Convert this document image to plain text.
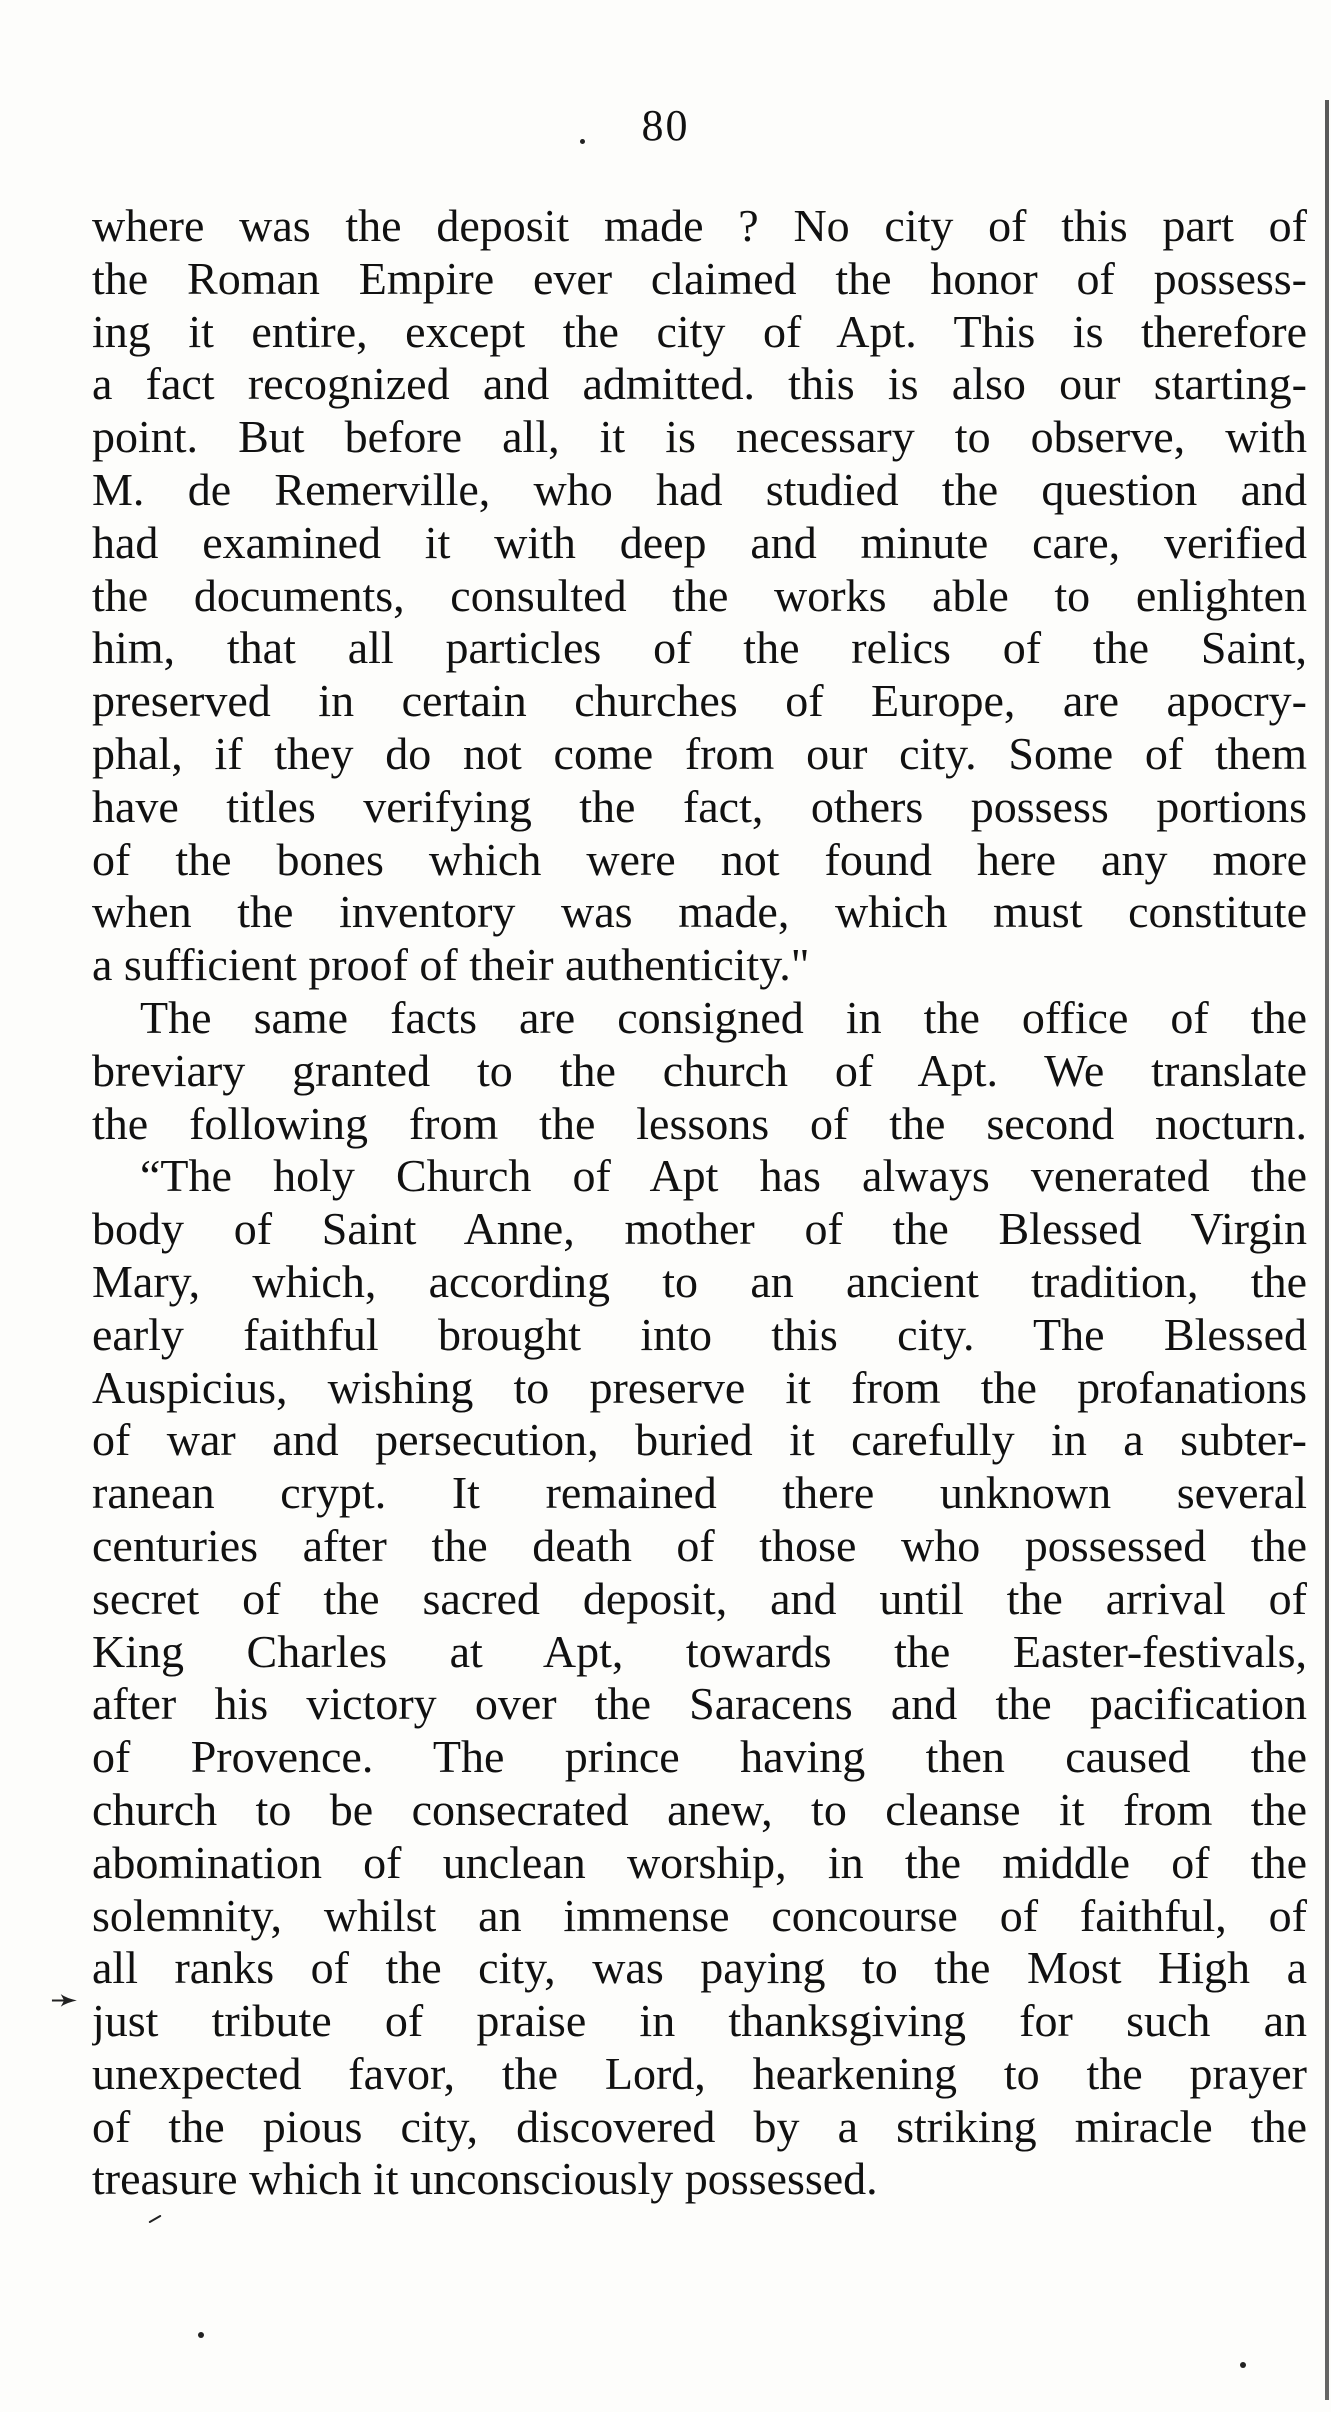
80
➛
where was the deposit made ? No city of this part of
the Roman Empire ever claimed the honor of possess-
ing it entire, except the city of Apt. This is therefore
a fact recognized and admitted. this is also our starting-
point. But before all, it is necessary to observe, with
M. de Remerville, who had studied the question and
had examined it with deep and minute care, verified
the documents, consulted the works able to enlighten
him, that all particles of the relics of the Saint,
preserved in certain churches of Europe, are apocry-
phal, if they do not come from our city. Some of them
have titles verifying the fact, others possess portions
of the bones which were not found here any more
when the inventory was made, which must constitute
a sufficient proof of their authenticity."
The same facts are consigned in the office of the
breviary granted to the church of Apt. We translate
the following from the lessons of the second nocturn.
“The holy Church of Apt has always venerated the
body of Saint Anne, mother of the Blessed Virgin
Mary, which, according to an ancient tradition, the
early faithful brought into this city. The Blessed
Auspicius, wishing to preserve it from the profanations
of war and persecution, buried it carefully in a subter-
ranean crypt. It remained there unknown several
centuries after the death of those who possessed the
secret of the sacred deposit, and until the arrival of
King Charles at Apt, towards the Easter-festivals,
after his victory over the Saracens and the pacification
of Provence. The prince having then caused the
church to be consecrated anew, to cleanse it from the
abomination of unclean worship, in the middle of the
solemnity, whilst an immense concourse of faithful, of
all ranks of the city, was paying to the Most High a
just tribute of praise in thanksgiving for such an
unexpected favor, the Lord, hearkening to the prayer
of the pious city, discovered by a striking miracle the
treasure which it unconsciously possessed.
